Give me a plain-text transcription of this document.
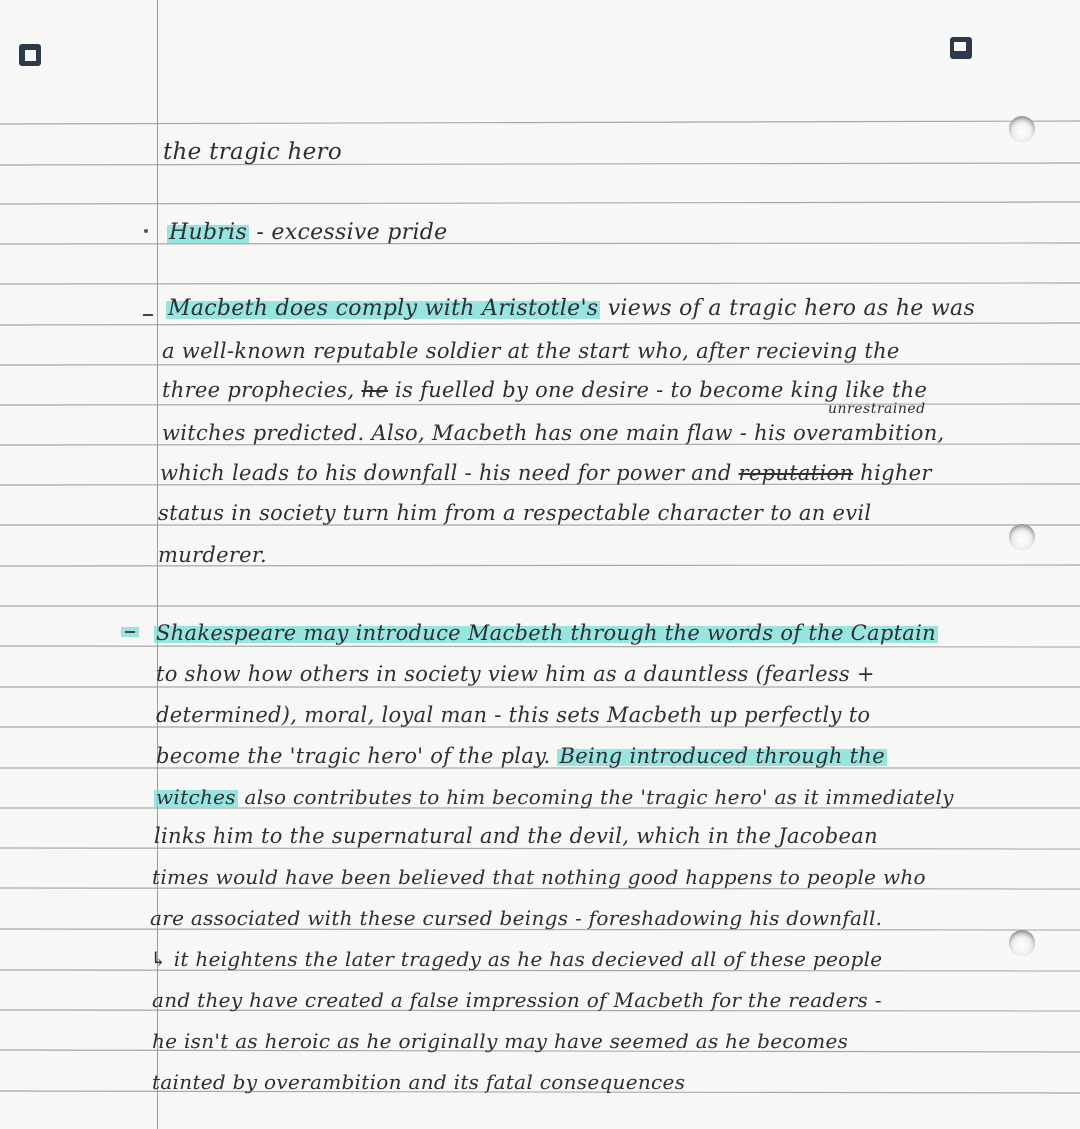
the tragic hero
Hubris - excessive pride
Macbeth does comply with Aristotle's views of a tragic hero as he was
a well-known reputable soldier at the start who, after recieving the
three prophecies, he is fuelled by one desire - to become king like the
unrestrained
witches predicted. Also, Macbeth has one main flaw - his overambition,
which leads to his downfall - his need for power and reputation higher
status in society turn him from a respectable character to an evil
murderer.
Shakespeare may introduce Macbeth through the words of the Captain
to show how others in society view him as a dauntless (fearless +
determined), moral, loyal man - this sets Macbeth up perfectly to
become the 'tragic hero' of the play. Being introduced through the
witches also contributes to him becoming the 'tragic hero' as it immediately
links him to the supernatural and the devil, which in the Jacobean
times would have been believed that nothing good happens to people who
are associated with these cursed beings - foreshadowing his downfall.
↳ it heightens the later tragedy as he has decieved all of these people
and they have created a false impression of Macbeth for the readers -
he isn't as heroic as he originally may have seemed as he becomes
tainted by overambition and its fatal consequences
